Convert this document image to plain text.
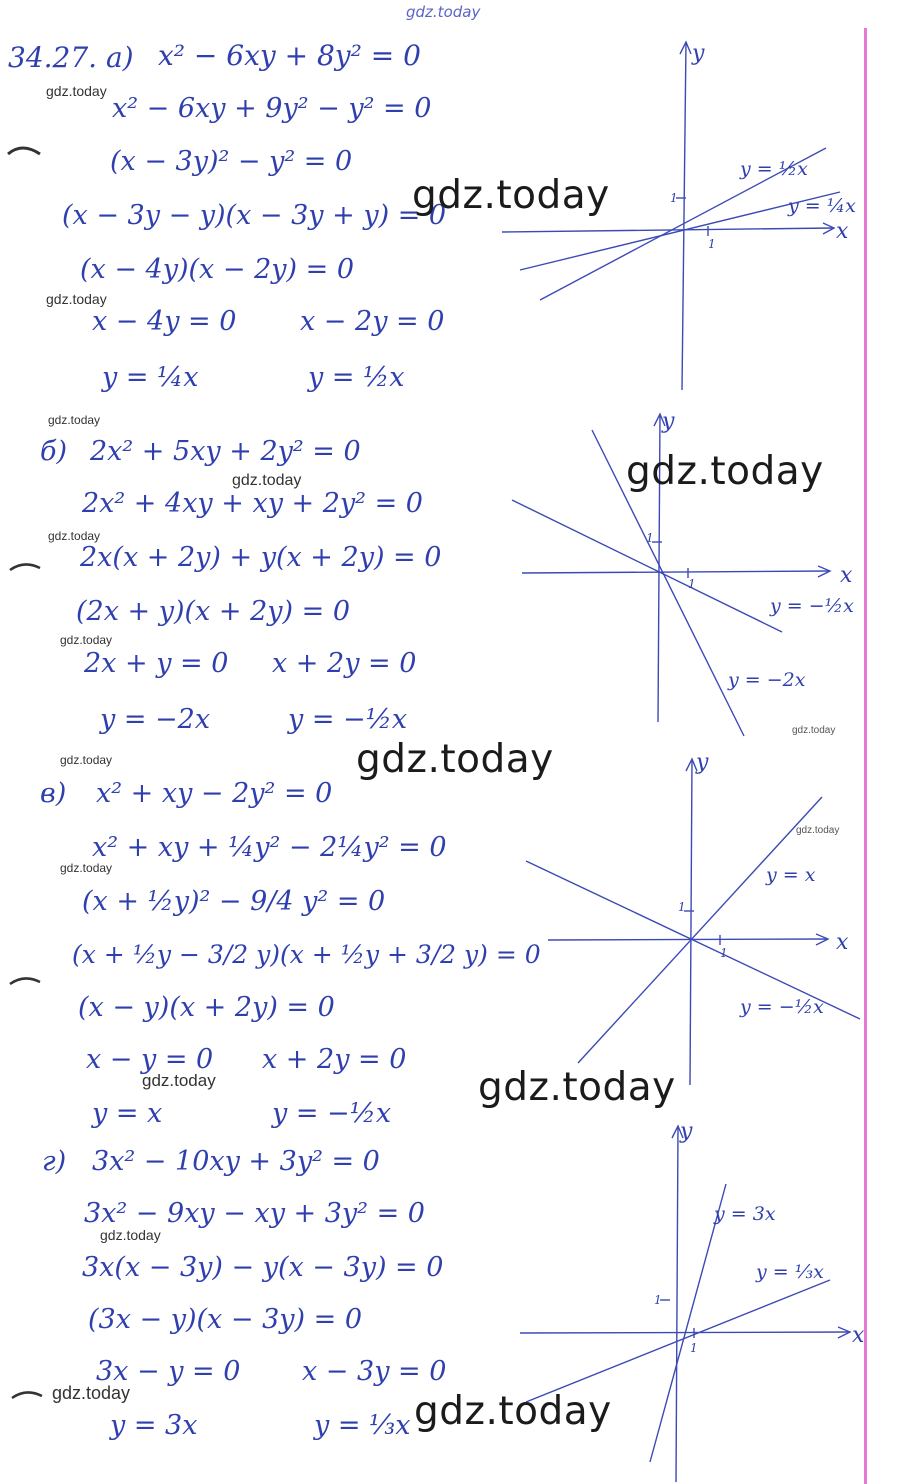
gdz.today
34.27. а) x² − 6xy + 8y² = 0
x² − 6xy + 9y² − y² = 0
(x − 3y)² − y² = 0
(x − 3y − y)(x − 3y + y) = 0
(x − 4y)(x − 2y) = 0
x − 4y = 0 x − 2y = 0
y = ¼x	y = ½x
y
x
1
1
y = ½x
y = ¼x
б) 2x² + 5xy + 2y² = 0
2x² + 4xy + xy + 2y² = 0
2x(x + 2y) + y(x + 2y) = 0
(2x + y)(x + 2y) = 0
2x + y = 0 x + 2y = 0
y = −2x	y = −½x
y
x
1
1
y = −½x
y = −2x
в) x² + xy − 2y² = 0
x² + xy + ¼y² − 2¼y² = 0
(x + ½y)² − 9/4 y² = 0
(x + ½y − 3/2 y)(x + ½y + 3/2 y) = 0
(x − y)(x + 2y) = 0
x − y = 0 x + 2y = 0
y = x	y = −½x
y
x
1
1
y = x
y = −½x
г) 3x² − 10xy + 3y² = 0
3x² − 9xy − xy + 3y² = 0
3x(x − 3y) − y(x − 3y) = 0
(3x − y)(x − 3y) = 0
3x − y = 0 x − 3y = 0
y = 3x	y = ⅓x
y
x
1
1
y = 3x
y = ⅓x
gdz.today
gdz.today
gdz.today
gdz.today
gdz.today
gdz.today
gdz.today
gdz.today
gdz.today
gdz.today
gdz.today
gdz.today
gdz.today
gdz.today
gdz.today
gdz.today
gdz.today
gdz.today
